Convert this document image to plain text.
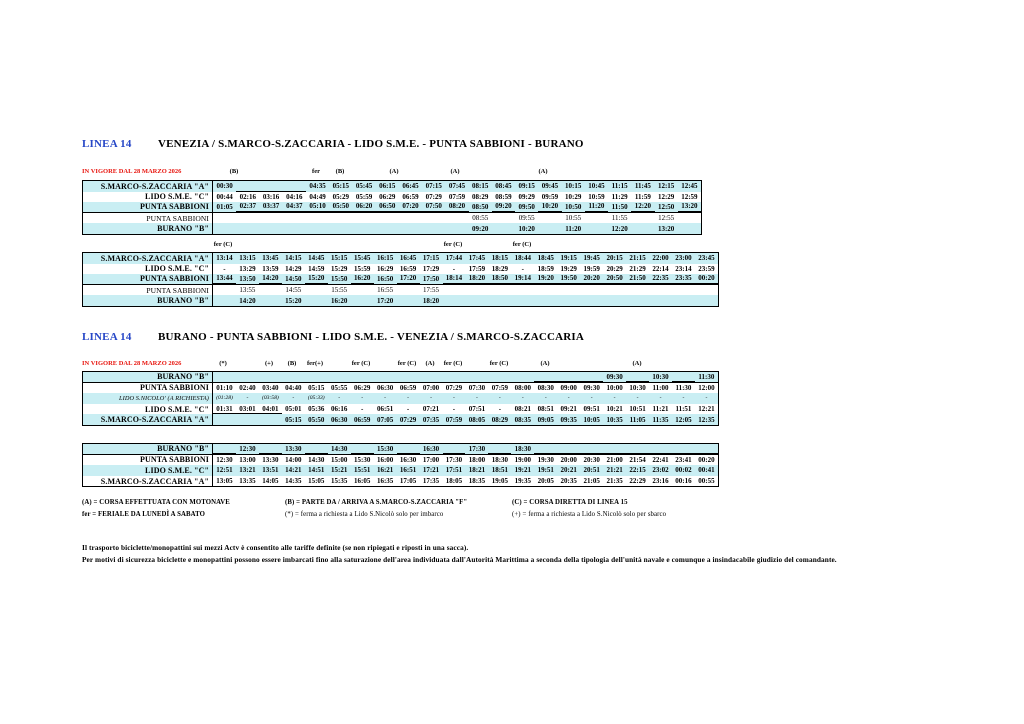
LINEA 14 VENEZIA / S.MARCO-S.ZACCARIA - LIDO S.M.E. - PUNTA SABBIONI - BURANO
IN VIGORE DAL 28 MARZO 2026
LINEA 14 BURANO - PUNTA SABBIONI - LIDO S.M.E. - VENEZIA / S.MARCO-S.ZACCARIA
IN VIGORE DAL 28 MARZO 2026
S.MARCO-S.ZACCARIA "A"	00:30	04:35 05:15 05:45 06:15 06:45 07:15 07:45 08:15 08:45 09:15 09:45 10:15 10:45	11:15	11:45	12:15 12:45
LIDO S.M.E. "C"	00:44 02:16 03:16 04:16 04:49 05:29 05:59 06:29 06:59 07:29 07:59 08:29 08:59 09:29 09:59 10:29 10:59	11:29	11:59	12:29 12:59
PUNTA SABBIONI	01:05 02:37 03:37 04:37 05:10 05:50 06:20 06:50 07:20 07:50 08:20 08:50 09:20 09:50 10:20 10:50	11:20	11:50	12:20 12:50 13:20
PUNTA SABBIONI	08:55	09:55	10:55	11:55	12:55
BURANO "B"	09:20	10:20	11:20	12:20	13:20
S.MARCO-S.ZACCARIA "A"	13:14 13:15 13:45 14:15 14:45 15:15 15:45 16:15 16:45 17:15 17:44 17:45 18:15 18:44 18:45 19:15 19:45 20:15 21:15 22:00 23:00 23:45
LIDO S.M.E. "C"	-	13:29 13:59 14:29 14:59 15:29 15:59 16:29 16:59 17:29	-	17:59 18:29	-	18:59 19:29 19:59 20:29 21:29 22:14 23:14 23:59
PUNTA SABBIONI	13:44 13:50 14:20 14:50 15:20 15:50 16:20 16:50 17:20 17:50 18:14 18:20 18:50 19:14 19:20 19:50 20:20 20:50 21:50 22:35 23:35 00:20
PUNTA SABBIONI	13:55	14:55	15:55	16:55	17:55
BURANO "B"	14:20	15:20	16:20	17:20	18:20
BURANO "B"	09:30	10:30	11:30
PUNTA SABBIONI	01:10 02:40 03:40 04:40 05:15 05:55 06:29 06:30 06:59 07:00 07:29 07:30 07:59 08:00 08:30 09:00 09:30 10:00 10:30 11:00	11:30 12:00
LIDO S.NICOLO' (A RICHIESTA)	(01:28)	-	(03:58)	-	(05:33)	-	-	-	-	-	-	-	-	-	-	-	-	-	-	-	-	-
LIDO S.M.E. "C"	01:31 03:01 04:01 05:01 05:36 06:16	-	06:51	-	07:21	-	07:51	-	08:21 08:51 09:21 09:51 10:21 10:51 11:21	11:51 12:21
S.MARCO-S.ZACCARIA "A"	05:15 05:50 06:30 06:59 07:05 07:29 07:35 07:59 08:05 08:29 08:35 09:05 09:35 10:05 10:35 11:05	11:35 12:05 12:35
BURANO "B"	12:30	13:30	14:30	15:30	16:30	17:30	18:30
PUNTA SABBIONI	12:30 13:00 13:30 14:00 14:30 15:00 15:30 16:00 16:30 17:00 17:30 18:00 18:30 19:00 19:30 20:00 20:30 21:00 21:54 22:41 23:41 00:20
LIDO S.M.E. "C"	12:51 13:21 13:51 14:21 14:51 15:21 15:51 16:21 16:51 17:21 17:51 18:21 18:51 19:21 19:51 20:21 20:51 21:21 22:15 23:02 00:02 00:41
S.MARCO-S.ZACCARIA "A"	13:05 13:35 14:05 14:35 15:05 15:35 16:05 16:35 17:05 17:35 18:05 18:35 19:05 19:35 20:05 20:35 21:05 21:35 22:29 23:16 00:16 00:55
(A) = CORSA EFFETTUATA CON MOTONAVE
fer = FERIALE DA LUNEDÌ A SABATO
(B) = PARTE DA / ARRIVA A S.MARCO-S.ZACCARIA "F"
(*) = ferma a richiesta a Lido S.Nicolò solo per imbarco
(C) = CORSA DIRETTA DI LINEA 15
(+) = ferma a richiesta a Lido S.Nicolò solo per sbarco
Il trasporto biciclette/monopattini sui mezzi Actv è consentito alle tariffe definite (se non ripiegati e riposti in una sacca).
Per motivi di sicurezza biciclette e monopattini possono essere imbarcati fino alla saturazione dell'area individuata dall'Autorità Marittima a seconda della tipologia dell'unità navale e comunque a insindacabile giudizio del comandante.
(B)	fer (B)	(A)	(A)	(A)
fer (C)	fer (C)	fer (C)
(*)	(+) (B) fer(+)	fer (C)	fer (C) (A) fer (C)	fer (C)	(A)	(A)
